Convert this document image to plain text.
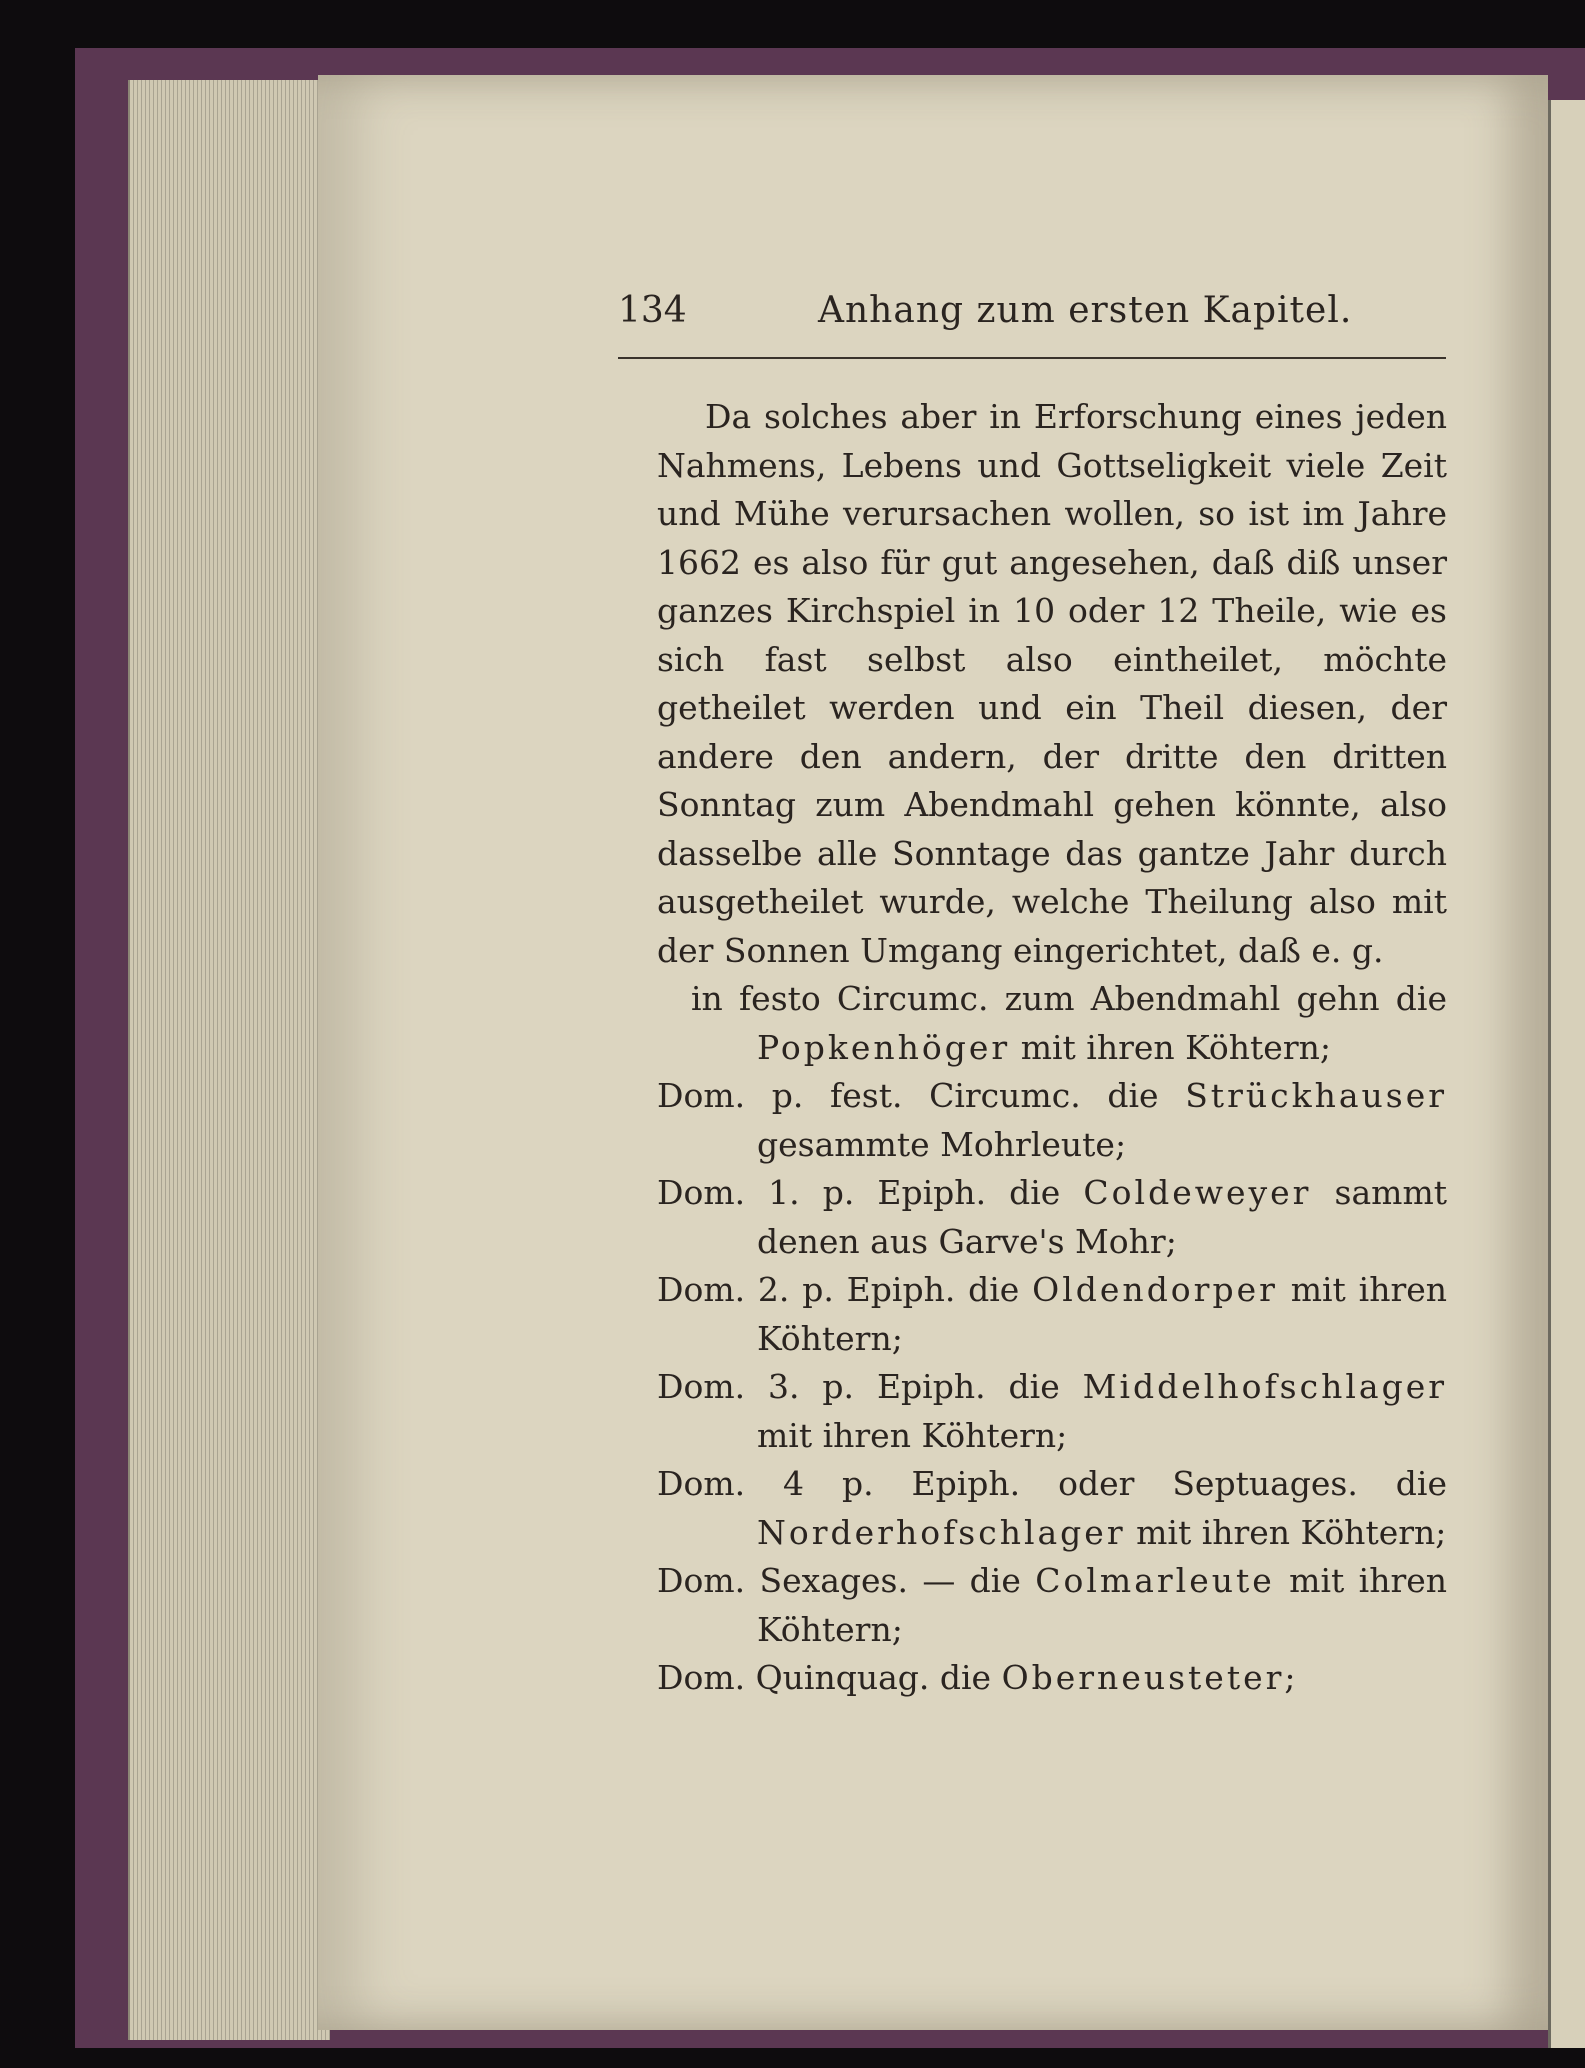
134	Anhang zum ersten Kapitel.

Da solches aber in Erforschung eines jeden Nahmens, Lebens und Gottseligkeit viele Zeit und Mühe verursachen wollen, so ist im Jahre 1662 es also für gut angesehen, daß diß unser ganzes Kirchspiel in 10 oder 12 Theile, wie es sich fast selbst also eintheilet, möchte getheilet werden und ein Theil diesen, der andere den andern, der dritte den dritten Sonntag zum Abendmahl gehen könnte, also dasselbe alle Sonntage das gantze Jahr durch ausgetheilet wurde, welche Theilung also mit der Sonnen Umgang eingerichtet, daß e. g.

in festo Circumc. zum Abendmahl gehn die Popkenhöger mit ihren Köhtern;
Dom. p. fest. Circumc. die Strückhauser gesammte Mohrleute;
Dom. 1. p. Epiph. die Coldeweyer sammt denen aus Garve's Mohr;
Dom. 2. p. Epiph. die Oldendorper mit ihren Köhtern;
Dom. 3. p. Epiph. die Middelhofschlager mit ihren Köhtern;
Dom. 4 p. Epiph. oder Septuages. die Norderhofschlager mit ihren Köhtern;
Dom. Sexages. — die Colmarleute mit ihren Köhtern;
Dom. Quinquag. die Oberneusteter;
